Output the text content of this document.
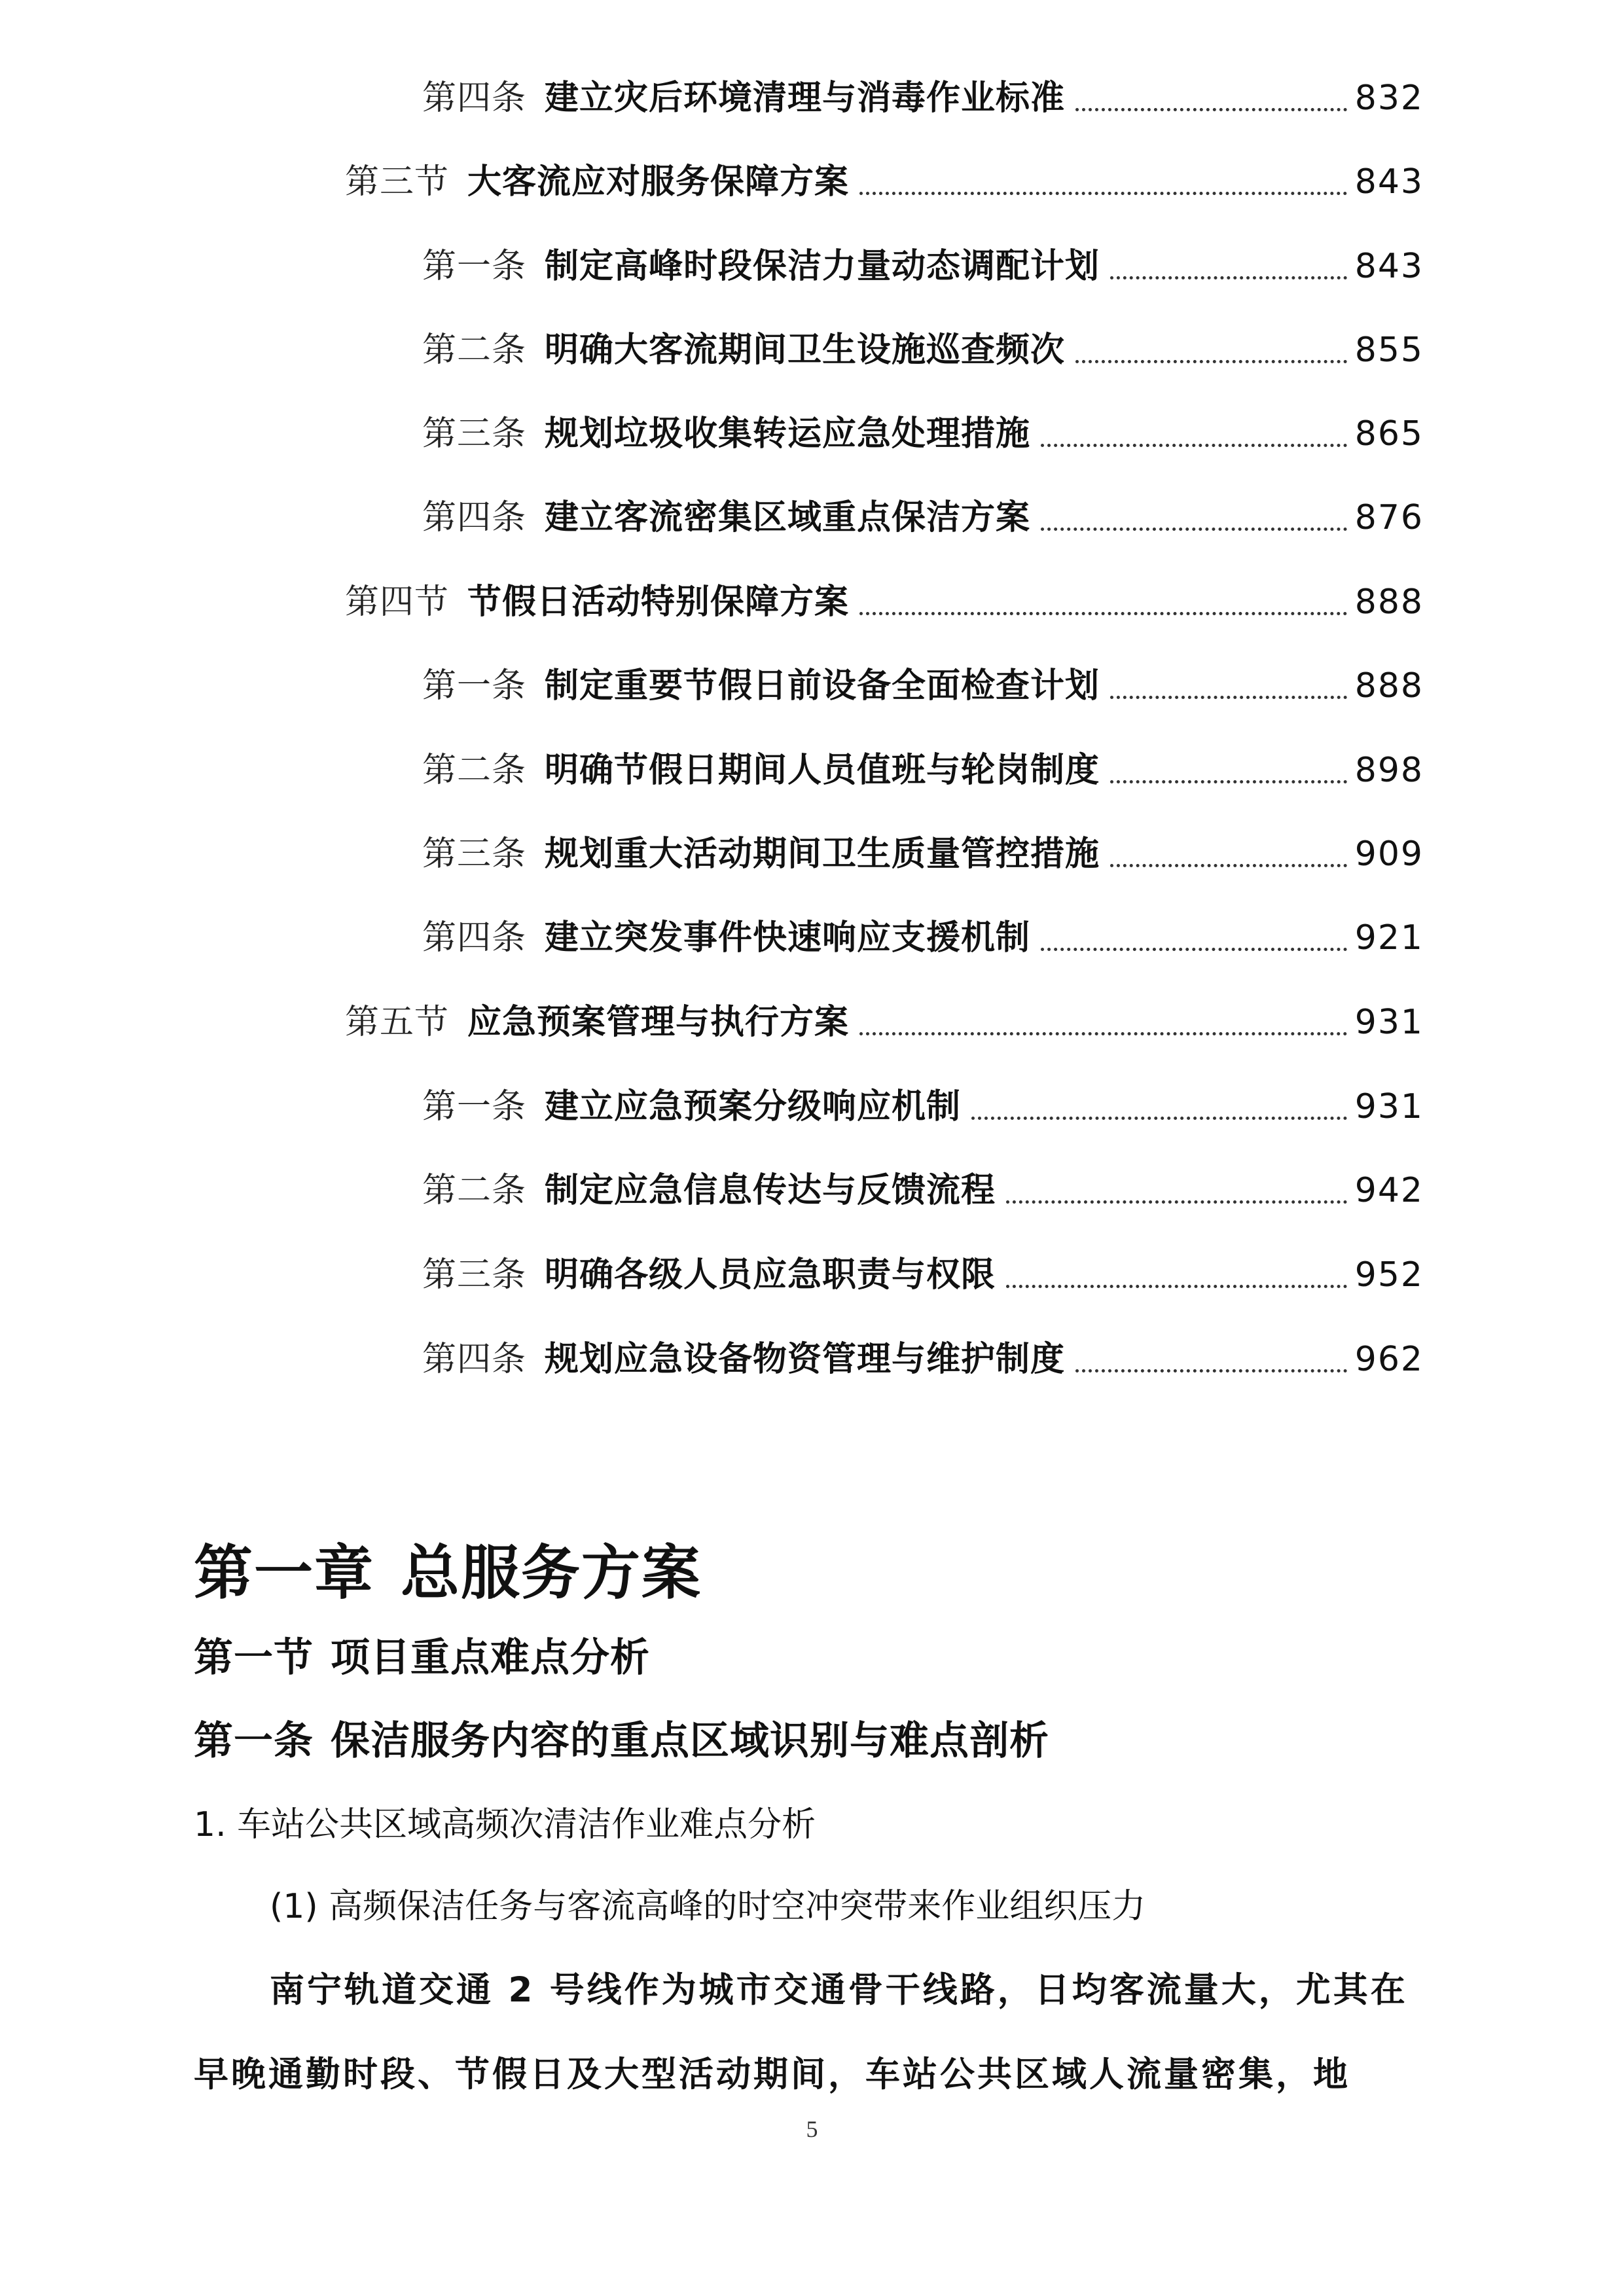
第四条 建立灾后环境清理与消毒作业标准	832
第三节 大客流应对服务保障方案	843
第一条 制定高峰时段保洁力量动态调配计划	843
第二条 明确大客流期间卫生设施巡查频次	855
第三条 规划垃圾收集转运应急处理措施	865
第四条 建立客流密集区域重点保洁方案	876
第四节 节假日活动特别保障方案	888
第一条 制定重要节假日前设备全面检查计划	888
第二条 明确节假日期间人员值班与轮岗制度	898
第三条 规划重大活动期间卫生质量管控措施	909
第四条 建立突发事件快速响应支援机制	921
第五节 应急预案管理与执行方案	931
第一条 建立应急预案分级响应机制	931
第二条 制定应急信息传达与反馈流程	942
第三条 明确各级人员应急职责与权限	952
第四条 规划应急设备物资管理与维护制度	962
第一章 总服务方案
第一节 项目重点难点分析
第一条 保洁服务内容的重点区域识别与难点剖析
1. 车站公共区域高频次清洁作业难点分析
(1) 高频保洁任务与客流高峰的时空冲突带来作业组织压力
南宁轨道交通 2 号线作为城市交通骨干线路，日均客流量大，尤其在
早晚通勤时段、节假日及大型活动期间，车站公共区域人流量密集，地
5
